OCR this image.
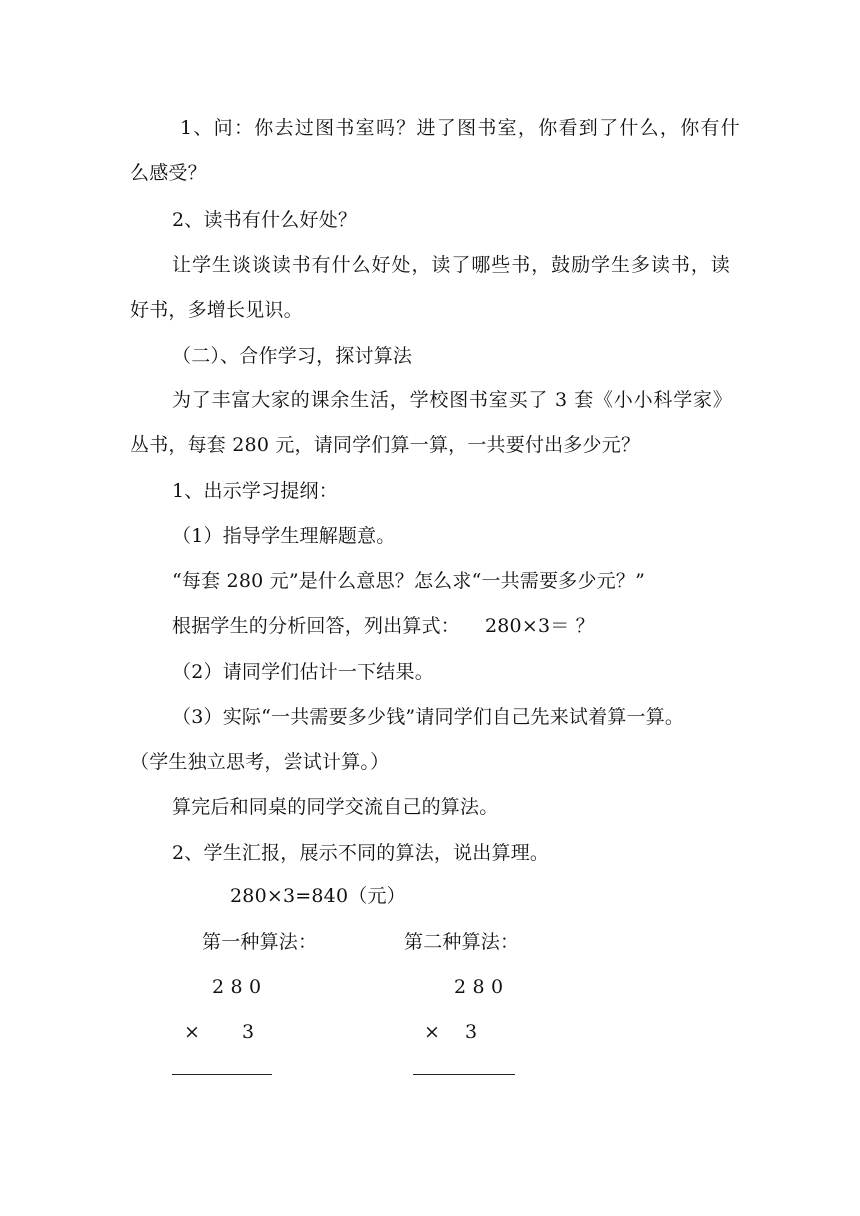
1、问：你去过图书室吗？进了图书室，你看到了什么，你有什
么感受？
2、读书有什么好处？
让学生谈谈读书有什么好处，读了哪些书，鼓励学生多读书，读
好书，多增长见识。
（二）、合作学习，探讨算法
为了丰富大家的课余生活，学校图书室买了 3 套《小小科学家》
丛书，每套 280 元，请同学们算一算，一共要付出多少元？
1、出示学习提纲：
（1）指导学生理解题意。
“每套 280 元”是什么意思？怎么求“一共需要多少元？”
根据学生的分析回答，列出算式：    280×3＝ ？
（2）请同学们估计一下结果。
（3）实际“一共需要多少钱”请同学们自己先来试着算一算。
（学生独立思考，尝试计算。）
算完后和同桌的同学交流自己的算法。
2、学生汇报，展示不同的算法，说出算理。
280×3=840（元）
第一种算法：	第二种算法：
2 8 0	2 8 0
× 3	× 3
